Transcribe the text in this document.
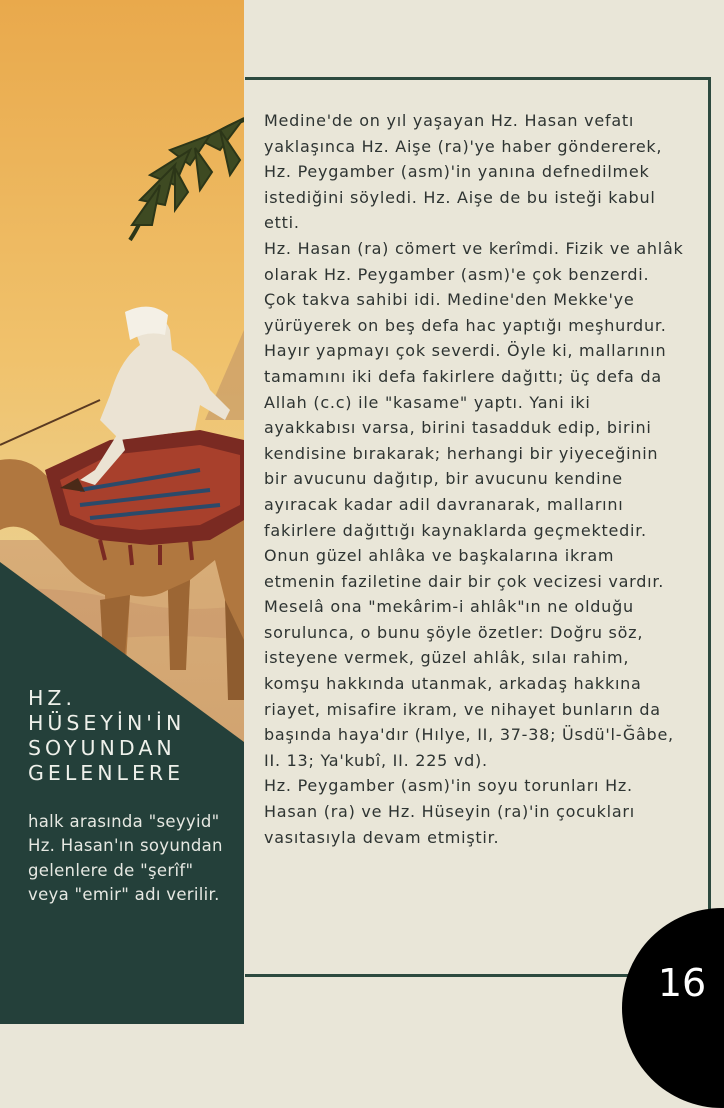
HZ. HÜSEYİN'İN SOYUNDAN GELENLERE
halk arasında "seyyid" Hz. Hasan'ın soyundan gelenlere de "şerîf" veya "emir" adı verilir.

Medine'de on yıl yaşayan Hz. Hasan vefatı yaklaşınca Hz. Aişe (ra)'ye haber göndererek, Hz. Peygamber (asm)'in yanına defnedilmek istediğini söyledi. Hz. Aişe de bu isteği kabul etti.

Hz. Hasan (ra) cömert ve kerîmdi. Fizik ve ahlâk olarak Hz. Peygamber (asm)'e çok benzerdi. Çok takva sahibi idi. Medine'den Mekke'ye yürüyerek on beş defa hac yaptığı meşhurdur.

Hayır yapmayı çok severdi. Öyle ki, mallarının tamamını iki defa fakirlere dağıttı; üç defa da Allah (c.c) ile "kasame" yaptı. Yani iki ayakkabısı varsa, birini tasadduk edip, birini kendisine bırakarak; herhangi bir yiyeceğinin bir avucunu dağıtıp, bir avucunu kendine ayıracak kadar adil davranarak, mallarını fakirlere dağıttığı kaynaklarda geçmektedir. Onun güzel ahlâka ve başkalarına ikram etmenin faziletine dair bir çok vecizesi vardır. Meselâ ona "mekârim-i ahlâk"ın ne olduğu sorulunca, o bunu şöyle özetler: Doğru söz, isteyene vermek, güzel ahlâk, sılaı rahim, komşu hakkında utanmak, arkadaş hakkına riayet, misafire ikram, ve nihayet bunların da başında haya'dır (Hılye, II, 37-38; Üsdü'l-Ğâbe, II. 13; Ya'kubî, II. 225 vd).

Hz. Peygamber (asm)'in soyu torunları Hz. Hasan (ra) ve Hz. Hüseyin (ra)'in çocukları vasıtasıyla devam etmiştir.

16
